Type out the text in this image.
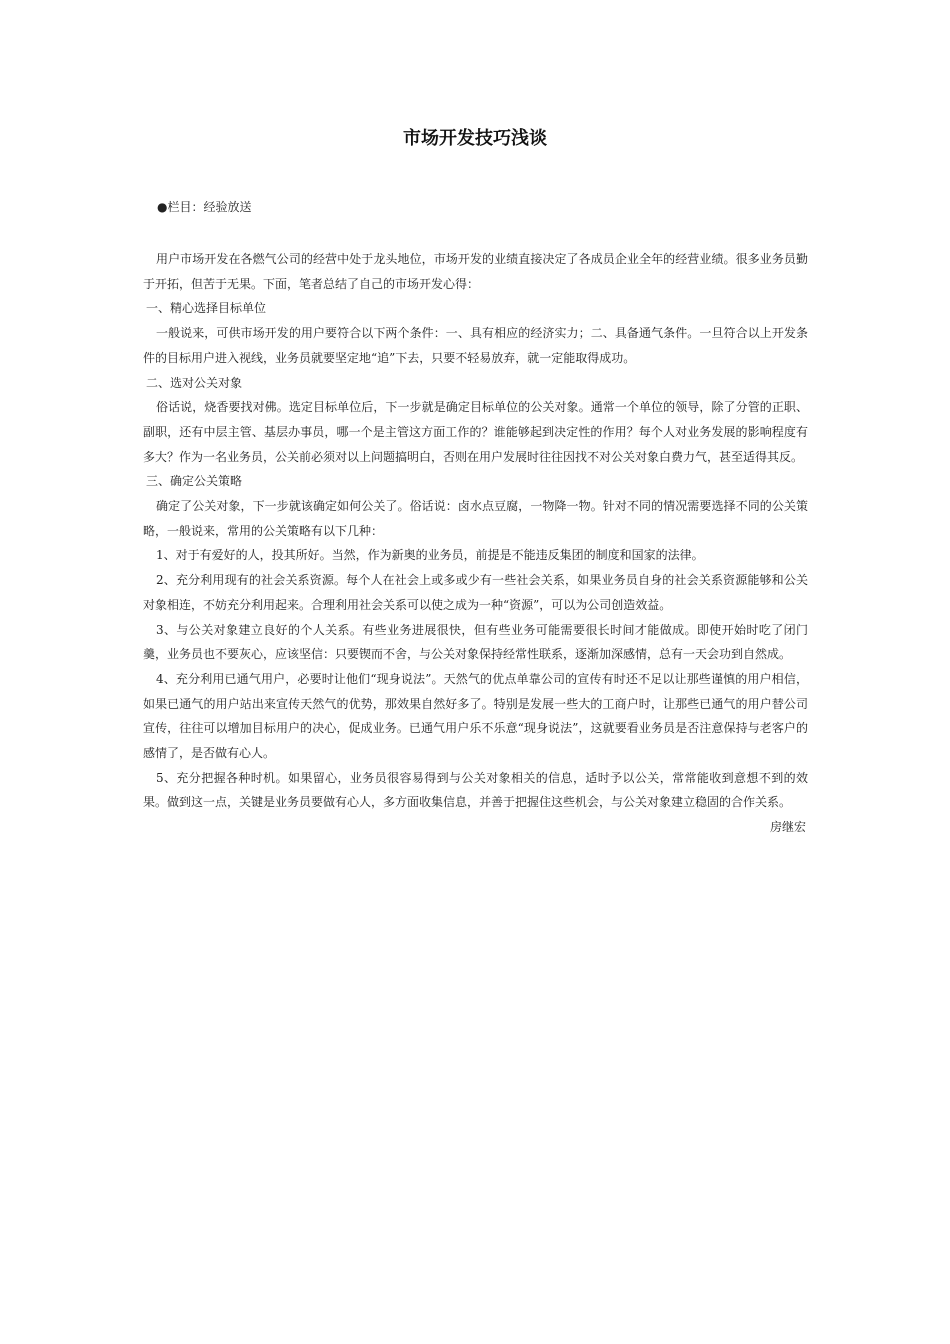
市场开发技巧浅谈
●栏目：经验放送

用户市场开发在各燃气公司的经营中处于龙头地位，市场开发的业绩直接决定了各成员企业全年的经营业绩。很多业务员勤于开拓，但苦于无果。下面，笔者总结了自己的市场开发心得：

一、精心选择目标单位

一般说来，可供市场开发的用户要符合以下两个条件：一、具有相应的经济实力；二、具备通气条件。一旦符合以上开发条件的目标用户进入视线，业务员就要坚定地“追”下去，只要不轻易放弃，就一定能取得成功。

二、选对公关对象

俗话说，烧香要找对佛。选定目标单位后，下一步就是确定目标单位的公关对象。通常一个单位的领导，除了分管的正职、副职，还有中层主管、基层办事员，哪一个是主管这方面工作的？谁能够起到决定性的作用？每个人对业务发展的影响程度有多大？作为一名业务员，公关前必须对以上问题搞明白，否则在用户发展时往往因找不对公关对象白费力气，甚至适得其反。

三、确定公关策略

确定了公关对象，下一步就该确定如何公关了。俗话说：卤水点豆腐，一物降一物。针对不同的情况需要选择不同的公关策略，一般说来，常用的公关策略有以下几种：

1、对于有爱好的人，投其所好。当然，作为新奥的业务员，前提是不能违反集团的制度和国家的法律。

2、充分利用现有的社会关系资源。每个人在社会上或多或少有一些社会关系，如果业务员自身的社会关系资源能够和公关对象相连，不妨充分利用起来。合理利用社会关系可以使之成为一种“资源”，可以为公司创造效益。

3、与公关对象建立良好的个人关系。有些业务进展很快，但有些业务可能需要很长时间才能做成。即使开始时吃了闭门羹，业务员也不要灰心，应该坚信：只要锲而不舍，与公关对象保持经常性联系，逐渐加深感情，总有一天会功到自然成。

4、充分利用已通气用户，必要时让他们“现身说法”。天然气的优点单靠公司的宣传有时还不足以让那些谨慎的用户相信，如果已通气的用户站出来宣传天然气的优势，那效果自然好多了。特别是发展一些大的工商户时，让那些已通气的用户替公司宣传，往往可以增加目标用户的决心，促成业务。已通气用户乐不乐意“现身说法”，这就要看业务员是否注意保持与老客户的感情了，是否做有心人。

5、充分把握各种时机。如果留心，业务员很容易得到与公关对象相关的信息，适时予以公关，常常能收到意想不到的效果。做到这一点，关键是业务员要做有心人，多方面收集信息，并善于把握住这些机会，与公关对象建立稳固的合作关系。

房继宏
